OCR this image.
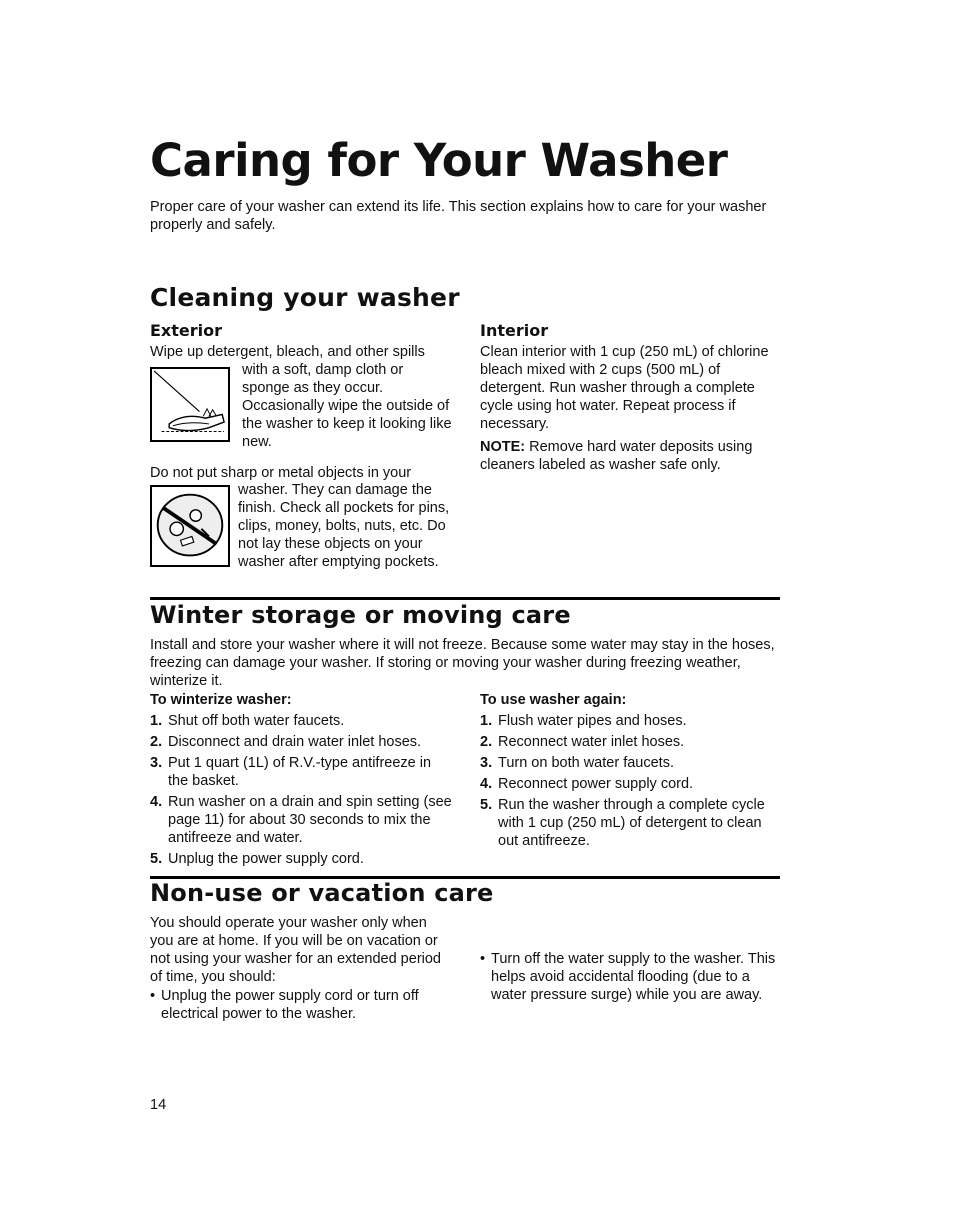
Caring for Your Washer

Proper care of your washer can extend its life. This section explains how to care for your washer properly and safely.

Cleaning your washer
Exterior

Wipe up detergent, bleach, and other spills

with a soft, damp cloth or sponge as they occur. Occasionally wipe the outside of the washer to keep it looking like new.

Do not put sharp or metal objects in your

washer. They can damage the finish. Check all pockets for pins, clips, money, bolts, nuts, etc. Do not lay these objects on your washer after emptying pockets.

Interior

Clean interior with 1 cup (250 mL) of chlorine bleach mixed with 2 cups (500 mL) of detergent. Run washer through a complete cycle using hot water. Repeat process if necessary.

NOTE: Remove hard water deposits using cleaners labeled as washer safe only.

Winter storage or moving care

Install and store your washer where it will not freeze. Because some water may stay in the hoses, freezing can damage your washer. If storing or moving your washer during freezing weather, winterize it.

To winterize washer:

1. Shut off both water faucets.
2. Disconnect and drain water inlet hoses.
3. Put 1 quart (1L) of R.V.-type antifreeze in the basket.
4. Run washer on a drain and spin setting (see page 11) for about 30 seconds to mix the antifreeze and water.
5. Unplug the power supply cord.

To use washer again:

1. Flush water pipes and hoses.
2. Reconnect water inlet hoses.
3. Turn on both water faucets.
4. Reconnect power supply cord.
5. Run the washer through a complete cycle with 1 cup (250 mL) of detergent to clean out antifreeze.
Non-use or vacation care

You should operate your washer only when you are at home. If you will be on vacation or not using your washer for an extended period of time, you should:

• Unplug the power supply cord or turn off electrical power to the washer.

• Turn off the water supply to the washer. This helps avoid accidental flooding (due to a water pressure surge) while you are away.

14
